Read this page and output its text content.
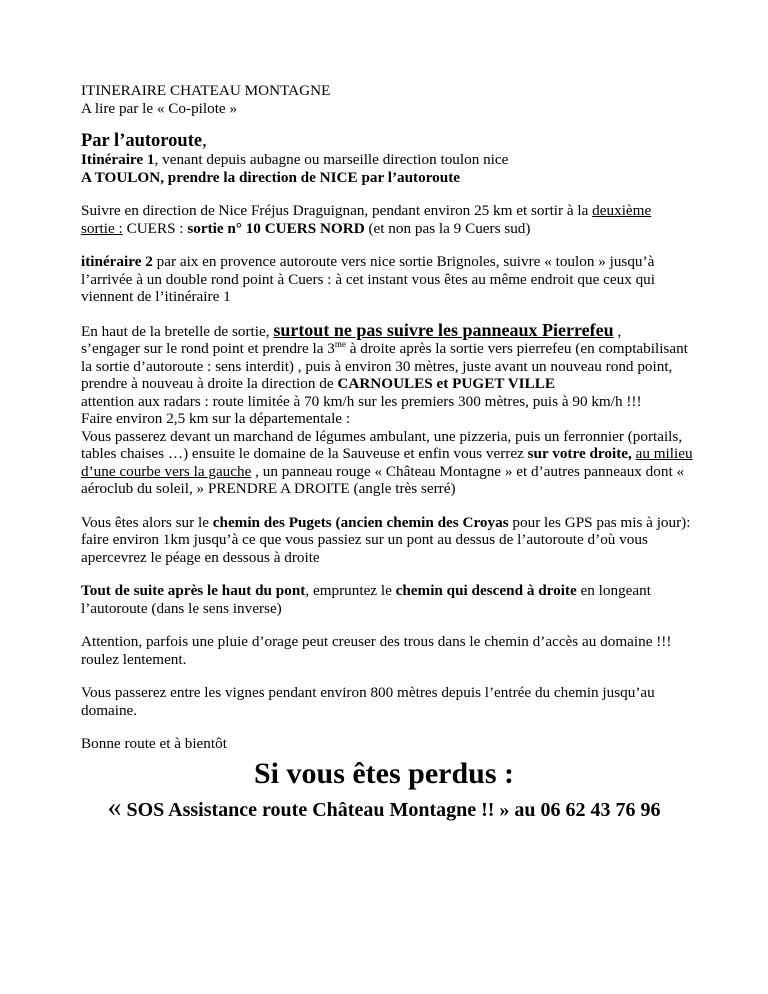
ITINERAIRE CHATEAU MONTAGNE

A lire par le « Co-pilote »

Par l’autoroute,

Itinéraire 1, venant depuis aubagne ou marseille direction toulon nice

A TOULON, prendre la direction de NICE par l’autoroute

Suivre en direction de Nice Fréjus Draguignan, pendant environ 25 km et sortir à la deuxième
sortie : CUERS : sortie n° 10 CUERS NORD (et non pas la 9 Cuers sud)

itinéraire 2 par aix en provence autoroute vers nice sortie Brignoles, suivre « toulon » jusqu’à l’arrivée à un double rond point à Cuers : à cet instant vous êtes au même endroit que ceux qui viennent de l’itinéraire 1

En haut de la bretelle de sortie, surtout ne pas suivre les panneaux Pierrefeu ,
s’engager sur le rond point et prendre la $3^{me}$ à droite après la sortie vers pierrefeu (en comptabilisant la sortie d’autoroute : sens interdit) , puis à environ 30 mètres, juste avant un nouveau rond point, prendre à nouveau à droite la direction de CARNOULES et PUGET VILLE
attention aux radars : route limitée à 70 km/h sur les premiers 300 mètres, puis à 90 km/h !!!
Faire environ 2,5 km sur la départementale :
Vous passerez devant un marchand de légumes ambulant, une pizzeria, puis un ferronnier (portails, tables chaises …) ensuite le domaine de la Sauveuse et enfin vous verrez sur votre droite, au milieu d’une courbe vers la gauche , un panneau rouge « Château Montagne » et d’autres panneaux dont « aéroclub du soleil, » PRENDRE A DROITE (angle très serré)

Vous êtes alors sur le chemin des Pugets (ancien chemin des Croyas pour les GPS pas mis à jour): faire environ 1km jusqu’à ce que vous passiez sur un pont au dessus de l’autoroute d’où vous apercevrez le péage en dessous à droite

Tout de suite après le haut du pont, empruntez le chemin qui descend à droite en longeant l’autoroute (dans le sens inverse)

Attention, parfois une pluie d’orage peut creuser des trous dans le chemin d’accès au domaine !!! roulez lentement.

Vous passerez entre les vignes pendant environ 800 mètres depuis l’entrée du chemin jusqu’au domaine.

Bonne route et à bientôt

Si vous êtes perdus :
« SOS Assistance route Château Montagne !! » au 06 62 43 76 96
